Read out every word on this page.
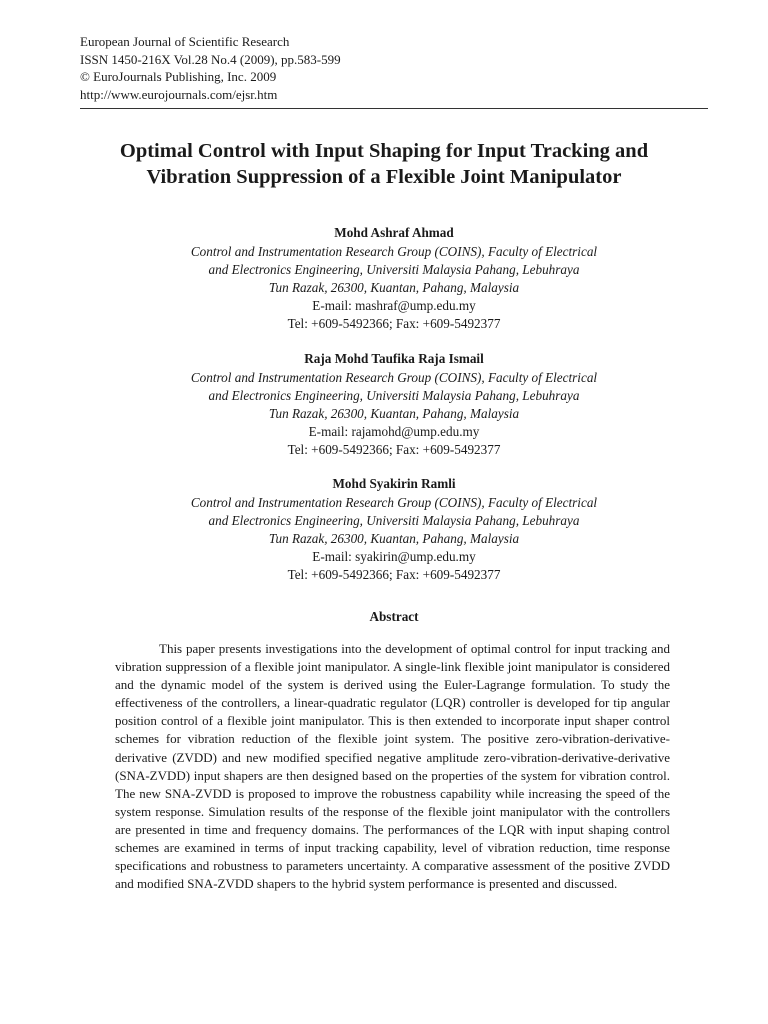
European Journal of Scientific Research
ISSN 1450-216X Vol.28 No.4 (2009), pp.583-599
© EuroJournals Publishing, Inc. 2009
http://www.eurojournals.com/ejsr.htm
Optimal Control with Input Shaping for Input Tracking and
Vibration Suppression of a Flexible Joint Manipulator
Mohd Ashraf Ahmad
Control and Instrumentation Research Group (COINS), Faculty of Electrical
and Electronics Engineering, Universiti Malaysia Pahang, Lebuhraya
Tun Razak, 26300, Kuantan, Pahang, Malaysia
E-mail: mashraf@ump.edu.my
Tel: +609-5492366; Fax: +609-5492377
Raja Mohd Taufika Raja Ismail
Control and Instrumentation Research Group (COINS), Faculty of Electrical
and Electronics Engineering, Universiti Malaysia Pahang, Lebuhraya
Tun Razak, 26300, Kuantan, Pahang, Malaysia
E-mail: rajamohd@ump.edu.my
Tel: +609-5492366; Fax: +609-5492377
Mohd Syakirin Ramli
Control and Instrumentation Research Group (COINS), Faculty of Electrical
and Electronics Engineering, Universiti Malaysia Pahang, Lebuhraya
Tun Razak, 26300, Kuantan, Pahang, Malaysia
E-mail: syakirin@ump.edu.my
Tel: +609-5492366; Fax: +609-5492377
Abstract
This paper presents investigations into the development of optimal control for input tracking and vibration suppression of a flexible joint manipulator. A single-link flexible joint manipulator is considered and the dynamic model of the system is derived using the Euler-Lagrange formulation. To study the effectiveness of the controllers, a linear-quadratic regulator (LQR) controller is developed for tip angular position control of a flexible joint manipulator. This is then extended to incorporate input shaper control schemes for vibration reduction of the flexible joint system. The positive zero-vibration-derivative-derivative (ZVDD) and new modified specified negative amplitude zero-vibration-derivative-derivative (SNA-ZVDD) input shapers are then designed based on the properties of the system for vibration control. The new SNA-ZVDD is proposed to improve the robustness capability while increasing the speed of the system response. Simulation results of the response of the flexible joint manipulator with the controllers are presented in time and frequency domains. The performances of the LQR with input shaping control schemes are examined in terms of input tracking capability, level of vibration reduction, time response specifications and robustness to parameters uncertainty. A comparative assessment of the positive ZVDD and modified SNA-ZVDD shapers to the hybrid system performance is presented and discussed.
